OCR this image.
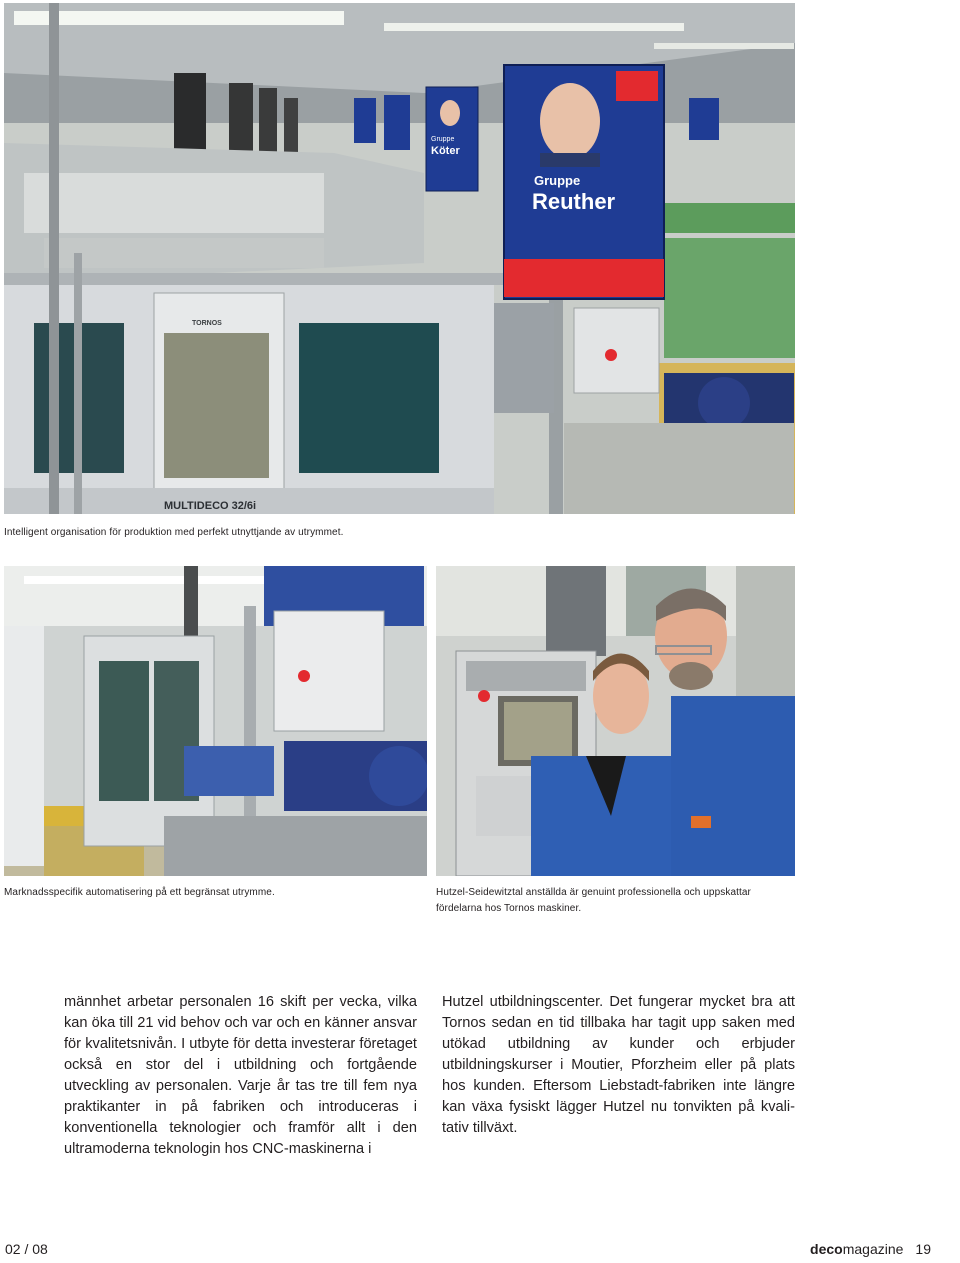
Gruppe
Reuther
Gruppe
Köter
TORNOS
MULTIDECO 32/6i
Intelligent organisation för produktion med perfekt utnyttjande av utrymmet.
Marknadsspecifik automatisering på ett begränsat utrymme.	Hutzel-Seidewitztal anställda är genuint professionella och uppskattar fördelarna hos Tornos maskiner.

männhet arbetar personalen 16 skift per vecka, vilka kan öka till 21 vid behov och var och en känner ansvar för kvalitetsnivån. I utbyte för detta investerar företaget också en stor del i utbildning och fortgående utveckling av personalen. Varje år tas tre till fem nya praktikanter in på fabriken och introduceras i konventionella teknologier och framför allt i den ultramoderna teknologin hos CNC-maskinerna i

Hutzel utbildningscenter. Det fungerar mycket bra att Tornos sedan en tid tillbaka har tagit upp saken med utökad utbildning av kunder och erbjuder utbildningskurser i Moutier, Pforzheim eller på plats hos kunden. Eftersom Liebstadt-fabriken inte längre kan växa fysiskt lägger Hutzel nu tonvikten på kvalitativ tillväxt.

02 / 08	decomagazine 19
